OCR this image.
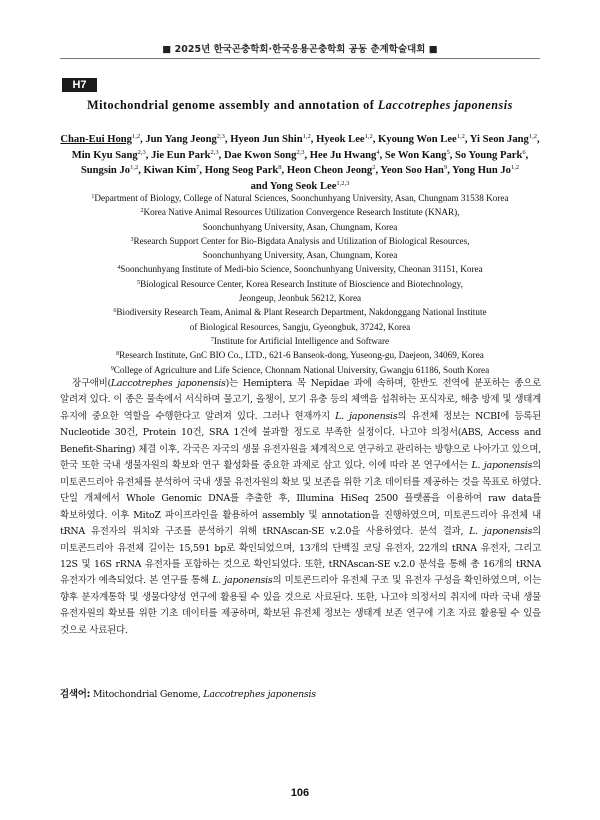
■ 2025년 한국곤충학회·한국응용곤충학회 공동 춘계학술대회 ■
H7
Mitochondrial genome assembly and annotation of Laccotrephes japonensis
Chan-Eui Hong$^{1,2}$, Jun Yang Jeong$^{2,3}$, Hyeon Jun Shin$^{1,2}$, Hyeok Lee$^{1,2}$, Kyoung Won Lee$^{1,2}$, Yi Seon Jang$^{1,2}$,
Min Kyu Sang$^{2,3}$, Jie Eun Park$^{2,3}$, Dae Kwon Song$^{2,3}$, Hee Ju Hwang$^4$, Se Won Kang$^5$, So Young Park$^6$,
Sungsin Jo$^{1,2}$, Kiwan Kim$^7$, Hong Seog Park$^8$, Heon Cheon Jeong$^2$, Yeon Soo Han$^9$, Yong Hun Jo$^{1,2}$
and Yong Seok Lee$^{1,2,3}$
$^1$Department of Biology, College of Natural Sciences, Soonchunhyang University, Asan, Chungnam 31538 Korea
$^2$Korea Native Animal Resources Utilization Convergence Research Institute (KNAR),
Soonchunhyang University, Asan, Chungnam, Korea
$^3$Research Support Center for Bio-Bigdata Analysis and Utilization of Biological Resources,
Soonchunhyang University, Asan, Chungnam, Korea
$^4$Soonchunhyang Institute of Medi-bio Science, Soonchunhyang University, Cheonan 31151, Korea
$^5$Biological Resource Center, Korea Research Institute of Bioscience and Biotechnology,
Jeongeup, Jeonbuk 56212, Korea
$^6$Biodiversity Research Team, Animal & Plant Research Department, Nakdonggang National Institute
of Biological Resources, Sangju, Gyeongbuk, 37242, Korea
$^7$Institute for Artificial Intelligence and Software
$^8$Research Institute, GnC BIO Co., LTD., 621-6 Banseok-dong, Yuseong-gu, Daejeon, 34069, Korea
$^9$College of Agriculture and Life Science, Chonnam National University, Gwangju 61186, South Korea
장구애비(Laccotrephes japonensis)는 Hemiptera 목 Nepidae 과에 속하며, 한반도 전역에 분포하는 종으로 알려져 있다. 이 종은 물속에서 서식하며 물고기, 올챙이, 모기 유충 등의 체액을 섭취하는 포식자로, 해충 방제 및 생태계 유지에 중요한 역할을 수행한다고 알려져 있다. 그러나 현재까지 L. japonensis의 유전체 정보는 NCBI에 등록된 Nucleotide 30건, Protein 10건, SRA 1건에 불과할 정도로 부족한 실정이다. 나고야 의정서(ABS, Access and Benefit-Sharing) 체결 이후, 각국은 자국의 생물 유전자원을 체계적으로 연구하고 관리하는 방향으로 나아가고 있으며, 한국 또한 국내 생물자원의 확보와 연구 활성화를 중요한 과제로 삼고 있다. 이에 따라 본 연구에서는 L. japonensis의 미토콘드리아 유전체를 분석하여 국내 생물 유전자원의 확보 및 보존을 위한 기초 데이터를 제공하는 것을 목표로 하였다. 단일 개체에서 Whole Genomic DNA를 추출한 후, Illumina HiSeq 2500 플랫폼을 이용하여 raw data를 확보하였다. 이후 MitoZ 파이프라인을 활용하여 assembly 및 annotation을 진행하였으며, 미토콘드리아 유전체 내 tRNA 유전자의 위치와 구조를 분석하기 위해 tRNAscan-SE v.2.0을 사용하였다. 분석 결과, L. japonensis의 미토콘드리아 유전체 길이는 15,591 bp로 확인되었으며, 13개의 단백질 코딩 유전자, 22개의 tRNA 유전자, 그리고 12S 및 16S rRNA 유전자를 포함하는 것으로 확인되었다. 또한, tRNAscan-SE v.2.0 분석을 통해 총 16개의 tRNA 유전자가 예측되었다. 본 연구를 통해 L. japonensis의 미토콘드리아 유전체 구조 및 유전자 구성을 확인하였으며, 이는 향후 분자계통학 및 생물다양성 연구에 활용될 수 있을 것으로 사료된다. 또한, 나고야 의정서의 취지에 따라 국내 생물 유전자원의 확보를 위한 기초 데이터를 제공하며, 확보된 유전체 정보는 생태계 보존 연구에 기초 자료 활용될 수 있을 것으로 사료된다.
검색어: Mitochondrial Genome, Laccotrephes japonensis
106
